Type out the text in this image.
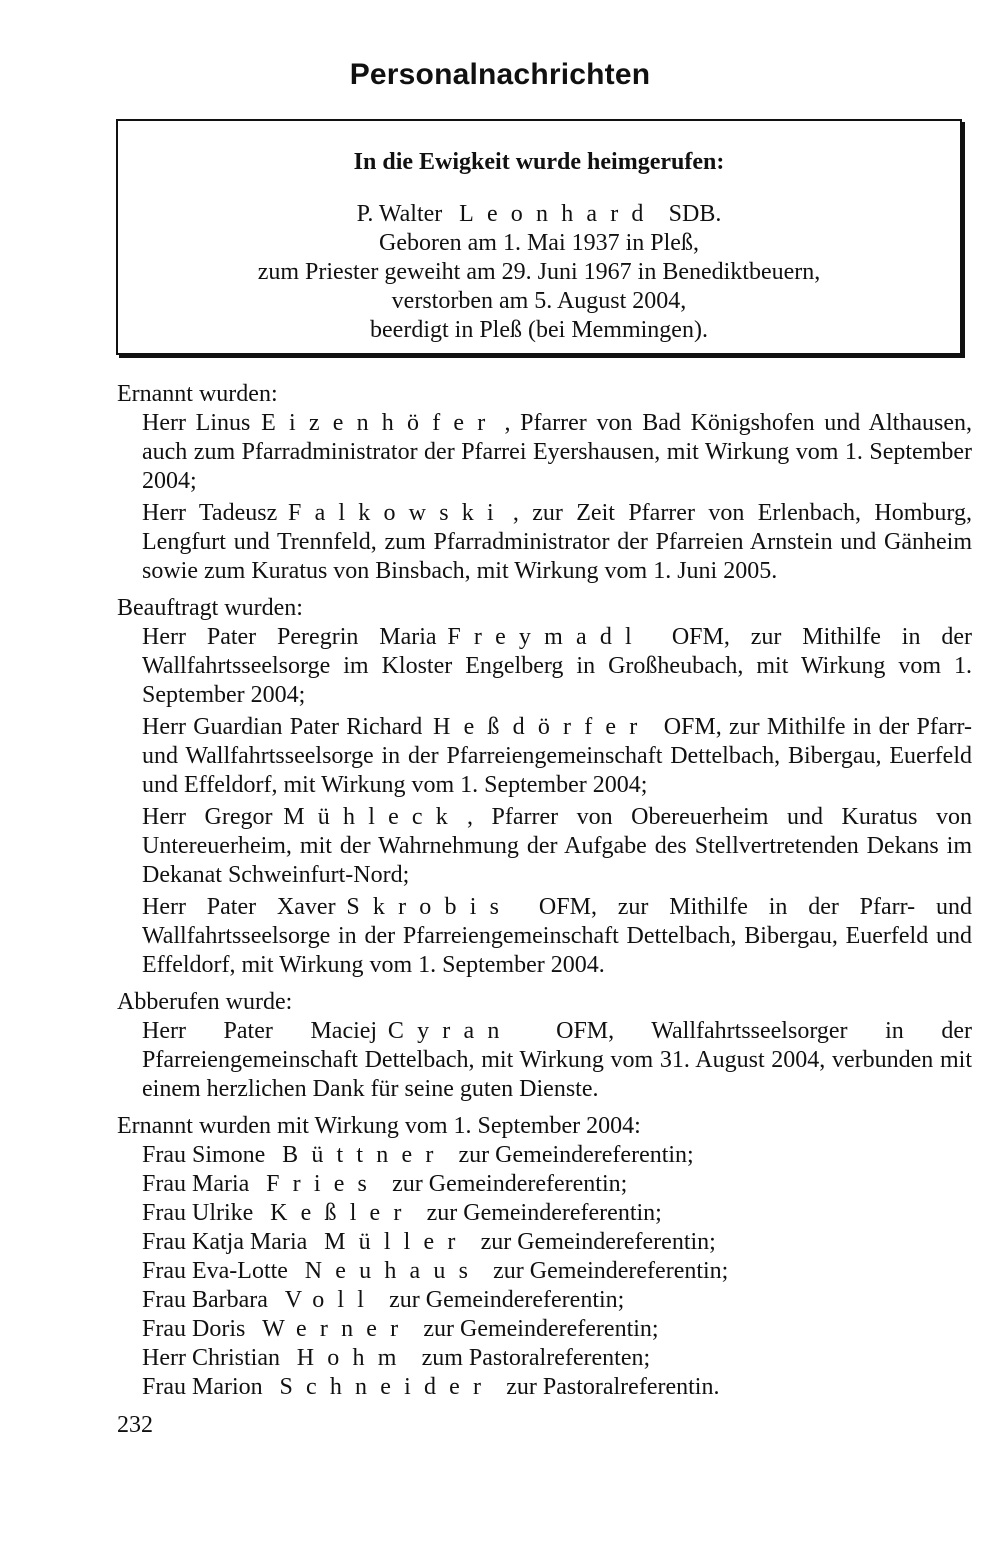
Personalnachrichten
In die Ewigkeit wurde heimgerufen:
P. Walter Leonhard SDB.
Geboren am 1. Mai 1937 in Pleß,
zum Priester geweiht am 29. Juni 1967 in Benediktbeuern,
verstorben am 5. August 2004,
beerdigt in Pleß (bei Memmingen).
Ernannt wurden:
Herr Linus Eizenhöfer , Pfarrer von Bad Königshofen und Althausen, auch zum Pfarradministrator der Pfarrei Eyershausen, mit Wirkung vom 1. September 2004;
Herr Tadeusz Falkowski , zur Zeit Pfarrer von Erlenbach, Homburg, Lengfurt und Trennfeld, zum Pfarradministrator der Pfarreien Arnstein und Gänheim sowie zum Kuratus von Binsbach, mit Wirkung vom 1. Juni 2005.
Beauftragt wurden:
Herr Pater Peregrin Maria Freymadl OFM, zur Mithilfe in der Wallfahrtsseelsorge im Kloster Engelberg in Großheubach, mit Wirkung vom 1. September 2004;
Herr Guardian Pater Richard Heßdörfer OFM, zur Mithilfe in der Pfarr- und Wallfahrtsseelsorge in der Pfarreiengemeinschaft Dettelbach, Bibergau, Euerfeld und Effeldorf, mit Wirkung vom 1. September 2004;
Herr Gregor Mühleck , Pfarrer von Obereuerheim und Kuratus von Untereuerheim, mit der Wahrnehmung der Aufgabe des Stellvertretenden Dekans im Dekanat Schweinfurt-Nord;
Herr Pater Xaver Skrobis OFM, zur Mithilfe in der Pfarr- und Wallfahrtsseelsorge in der Pfarreiengemeinschaft Dettelbach, Bibergau, Euerfeld und Effeldorf, mit Wirkung vom 1. September 2004.
Abberufen wurde:
Herr Pater Maciej Cyran OFM, Wallfahrtsseelsorger in der Pfarreiengemeinschaft Dettelbach, mit Wirkung vom 31. August 2004, verbunden mit einem herzlichen Dank für seine guten Dienste.
Ernannt wurden mit Wirkung vom 1. September 2004:
Frau Simone Büttner zur Gemeindereferentin;
Frau Maria Fries zur Gemeindereferentin;
Frau Ulrike Keßler zur Gemeindereferentin;
Frau Katja Maria Müller zur Gemeindereferentin;
Frau Eva-Lotte Neuhaus zur Gemeindereferentin;
Frau Barbara Voll zur Gemeindereferentin;
Frau Doris Werner zur Gemeindereferentin;
Herr Christian Hohm zum Pastoralreferenten;
Frau Marion Schneider zur Pastoralreferentin.
232
